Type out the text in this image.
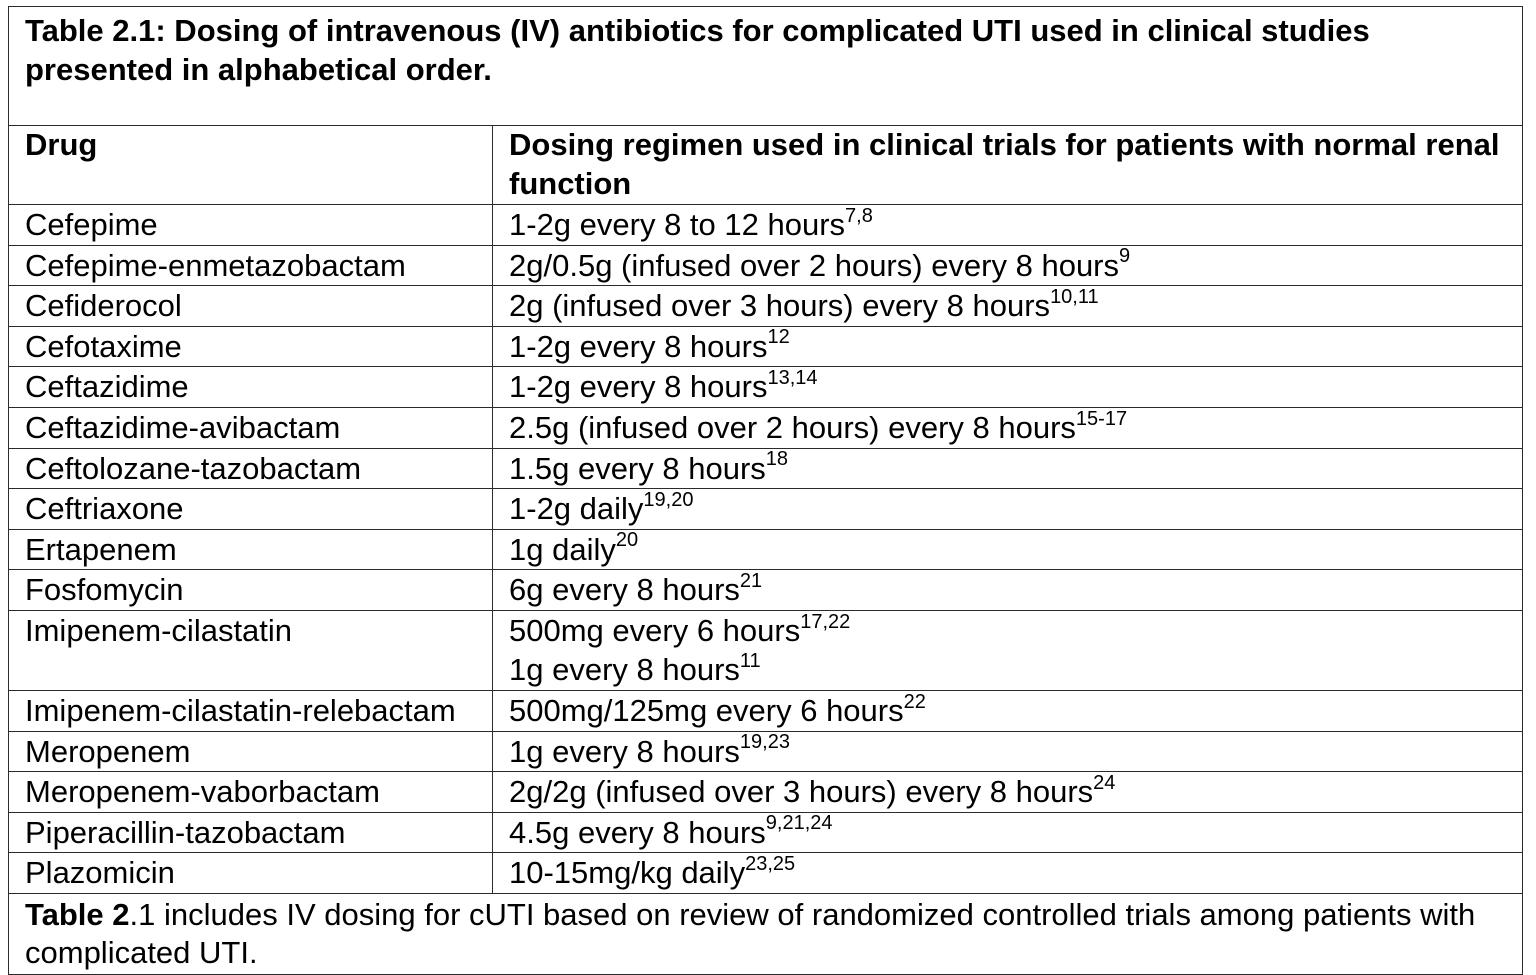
Table 2.1: Dosing of intravenous (IV) antibiotics for complicated UTI used in clinical studies presented in alphabetical order.	
Drug	Dosing regimen used in clinical trials for patients with normal renal function
Cefepime	1-2g every 8 to 12 hours$^{7,8}$
Cefepime-enmetazobactam	2g/0.5g (infused over 2 hours) every 8 hours$^9$
Cefiderocol	2g (infused over 3 hours) every 8 hours$^{10,11}$
Cefotaxime	1-2g every 8 hours$^{12}$
Ceftazidime	1-2g every 8 hours$^{13,14}$
Ceftazidime-avibactam	2.5g (infused over 2 hours) every 8 hours$^{15-17}$
Ceftolozane-tazobactam	1.5g every 8 hours$^{18}$
Ceftriaxone	1-2g daily$^{19,20}$
Ertapenem	1g daily$^{20}$
Fosfomycin	6g every 8 hours$^{21}$
Imipenem-cilastatin	500mg every 6 hours$^{17,22}$
1g every 8 hours$^{11}$
Imipenem-cilastatin-relebactam	500mg/125mg every 6 hours$^{22}$
Meropenem	1g every 8 hours$^{19,23}$
Meropenem-vaborbactam	2g/2g (infused over 3 hours) every 8 hours$^{24}$
Piperacillin-tazobactam	4.5g every 8 hours$^{9,21,24}$
Plazomicin	10-15mg/kg daily$^{23,25}$
Table 2.1 includes IV dosing for cUTI based on review of randomized controlled trials among patients with complicated UTI.	
